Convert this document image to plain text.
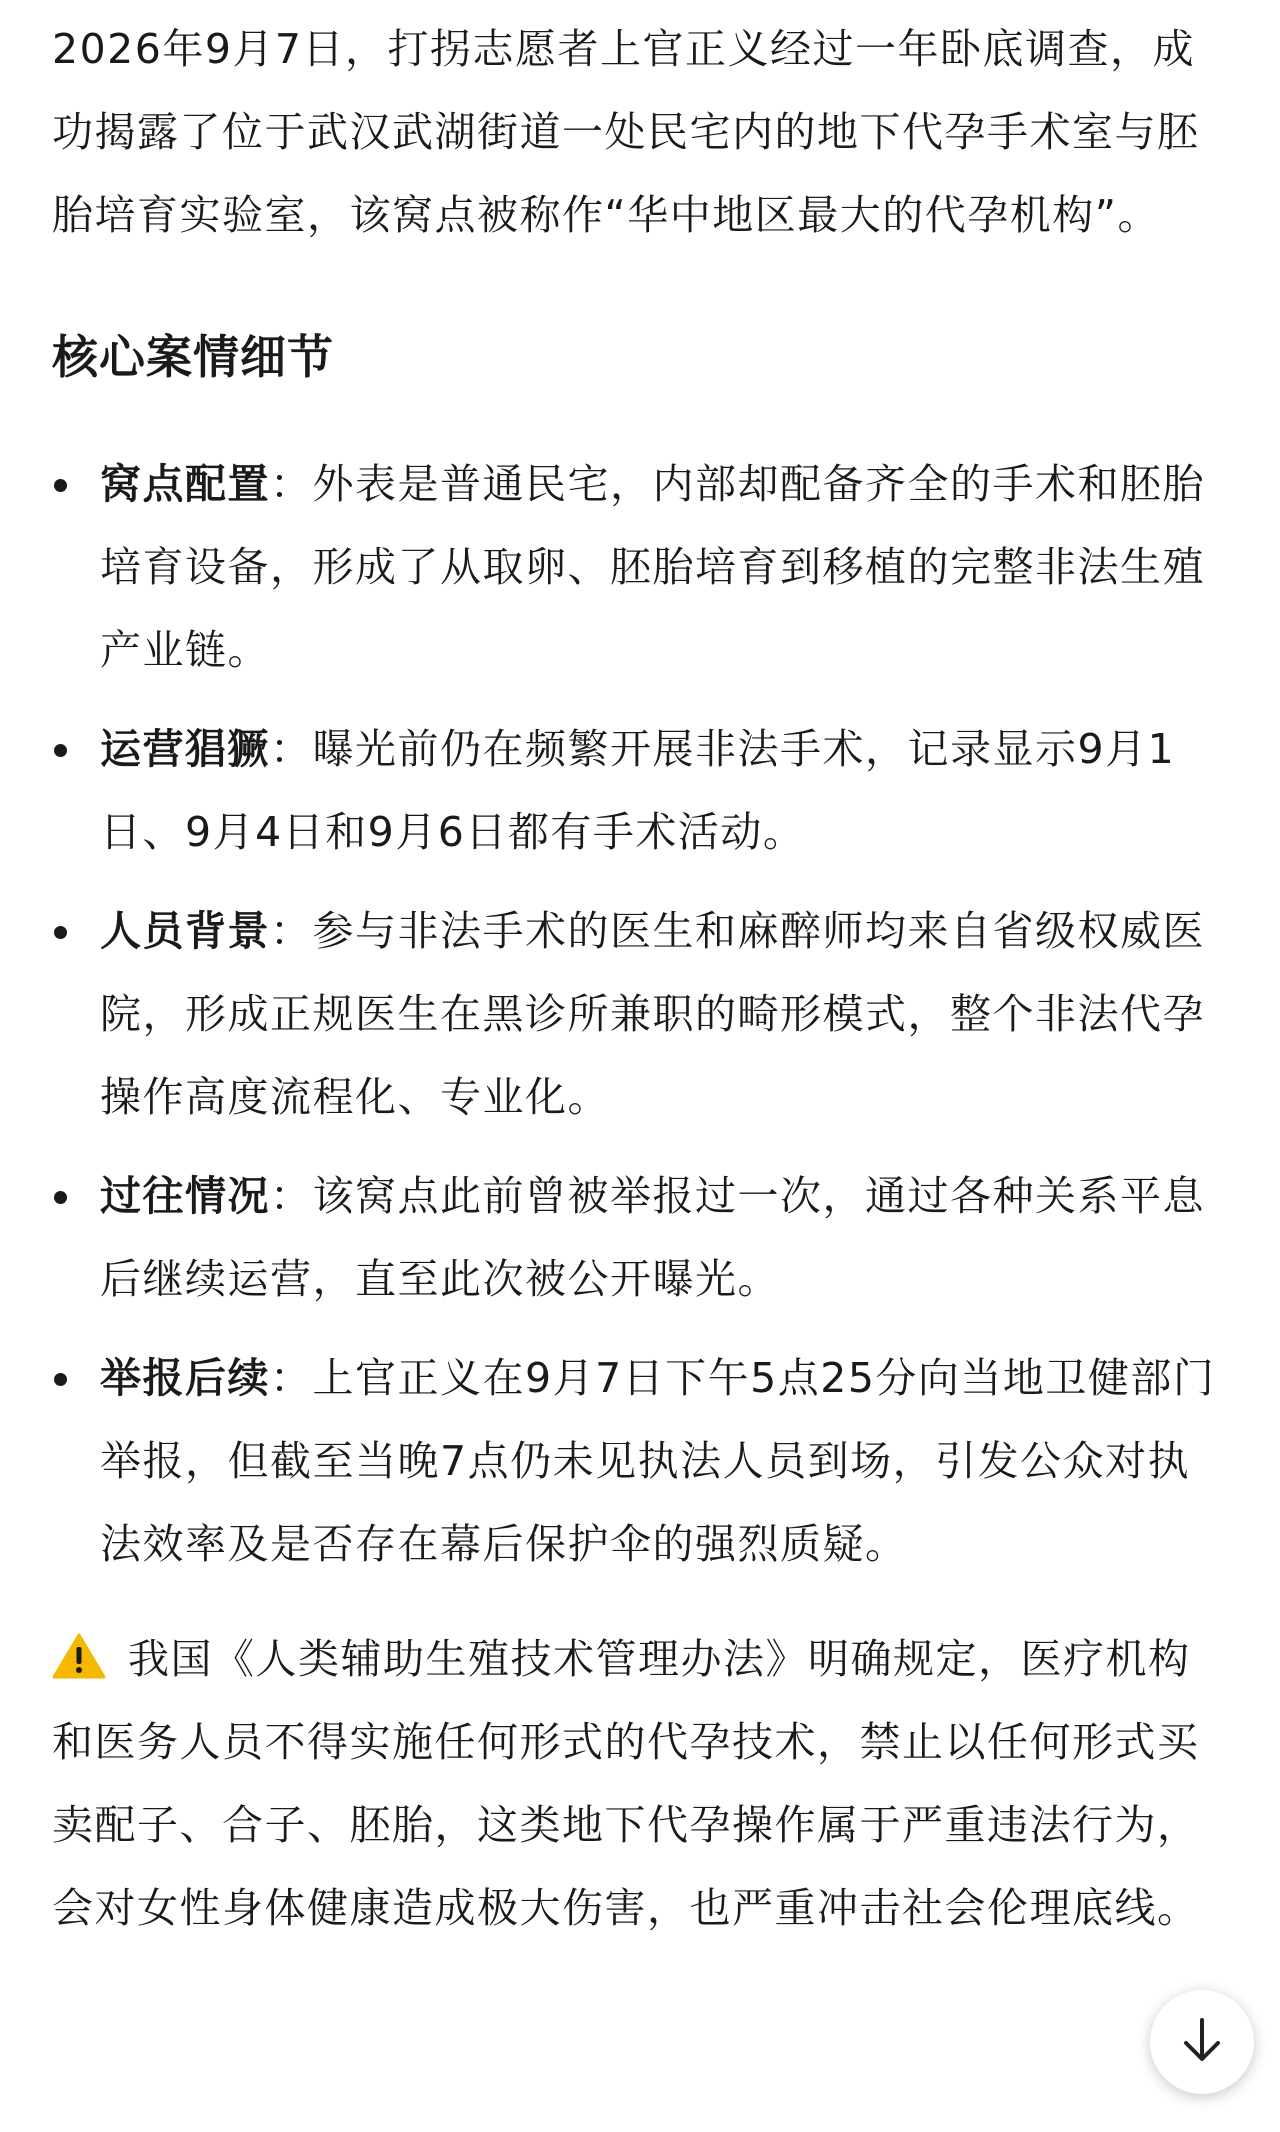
2026年9月7日，打拐志愿者上官正义经过一年卧底调查，成功揭露了位于武汉武湖街道一处民宅内的地下代孕手术室与胚胎培育实验室，该窝点被称作“华中地区最大的代孕机构”。

核心案情细节
窝点配置：外表是普通民宅，内部却配备齐全的手术和胚胎培育设备，形成了从取卵、胚胎培育到移植的完整非法生殖产业链。
运营猖獗：曝光前仍在频繁开展非法手术，记录显示9月1日、9月4日和9月6日都有手术活动。
人员背景：参与非法手术的医生和麻醉师均来自省级权威医院，形成正规医生在黑诊所兼职的畸形模式，整个非法代孕操作高度流程化、专业化。
过往情况：该窝点此前曾被举报过一次，通过各种关系平息后继续运营，直至此次被公开曝光。
举报后续：上官正义在9月7日下午5点25分向当地卫健部门举报，但截至当晚7点仍未见执法人员到场，引发公众对执法效率及是否存在幕后保护伞的强烈质疑。

我国《人类辅助生殖技术管理办法》明确规定，医疗机构和医务人员不得实施任何形式的代孕技术，禁止以任何形式买卖配子、合子、胚胎，这类地下代孕操作属于严重违法行为，会对女性身体健康造成极大伤害，也严重冲击社会伦理底线。
